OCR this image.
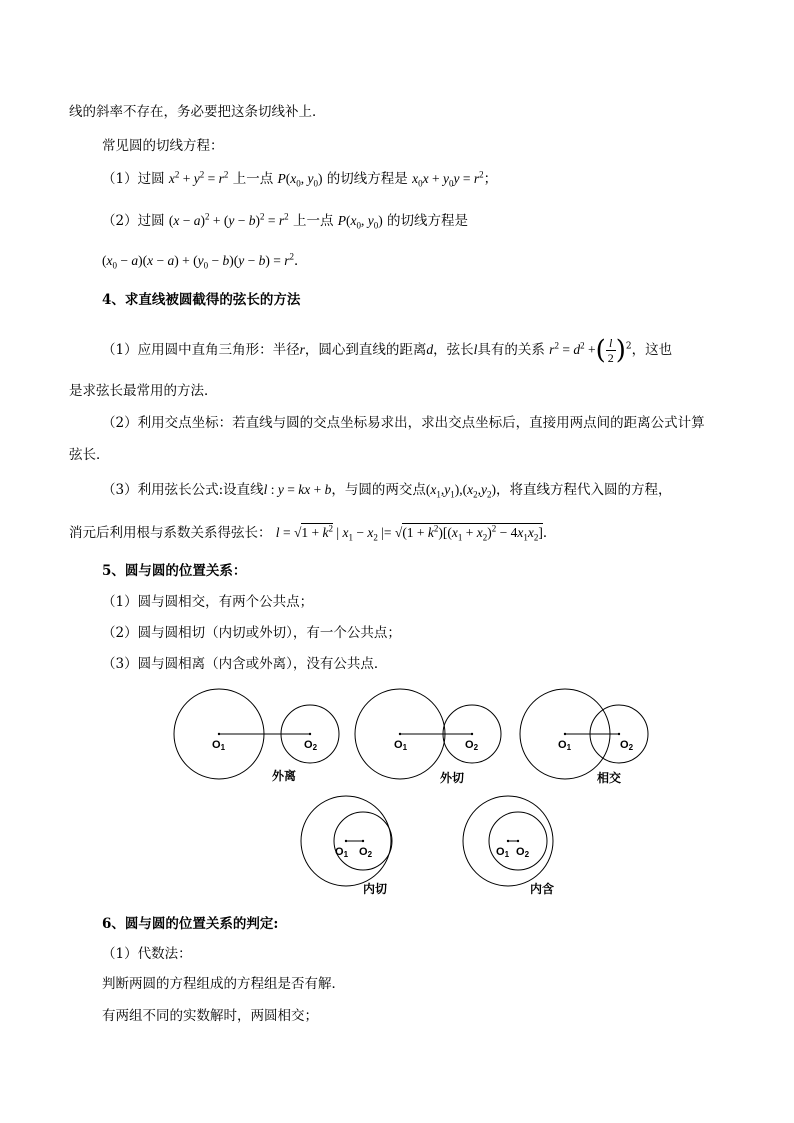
线的斜率不存在，务必要把这条切线补上．
常见圆的切线方程：
（1）过圆 $x^2 + y^2 = r^2$ 上一点 $P(x_0$, $y_0$) 的切线方程是 $x_0x + y_0y = r^2$；
（2）过圆 $(x - a)^2 + (y - b)^2 = r^2$ 上一点 $P(x_0$, $y_0$) 的切线方程是
$(x_0 - a)(x - a) + (y_0 - b)(y - b) = r^2$．
4、求直线被圆截得的弦长的方法
（1）应用圆中直角三角形：半径r，圆心到直线的距离d，弦长l具有的关系 $r^2 = d^2$ +( $\frac{l}{2} )^2$，这也
是求弦长最常用的方法．
（2）利用交点坐标：若直线与圆的交点坐标易求出，求出交点坐标后，直接用两点间的距离公式计算
弦长．
（3）利用弦长公式:设直线l : y = kx + b，与圆的两交点$(x_1,y_1),(x_2,y_2)$，将直线方程代入圆的方程，
消元后利用根与系数关系得弦长： $l = √1 + k^2$ | $x_1 - x_2$ |= $√(1 + k^2)[(x_1 + x_2)^2 - 4x_1x_2]$．
5、圆与圆的位置关系：
（1）圆与圆相交，有两个公共点；
（2）圆与圆相切（内切或外切），有一个公共点；
（3）圆与圆相离（内含或外离），没有公共点．
O1	O2	O1	O2	O1	O2
O1 O2	O1 O2
外离	外切	相交
内切	内含
6、圆与圆的位置关系的判定:
（1）代数法：
判断两圆的方程组成的方程组是否有解．
有两组不同的实数解时，两圆相交；
